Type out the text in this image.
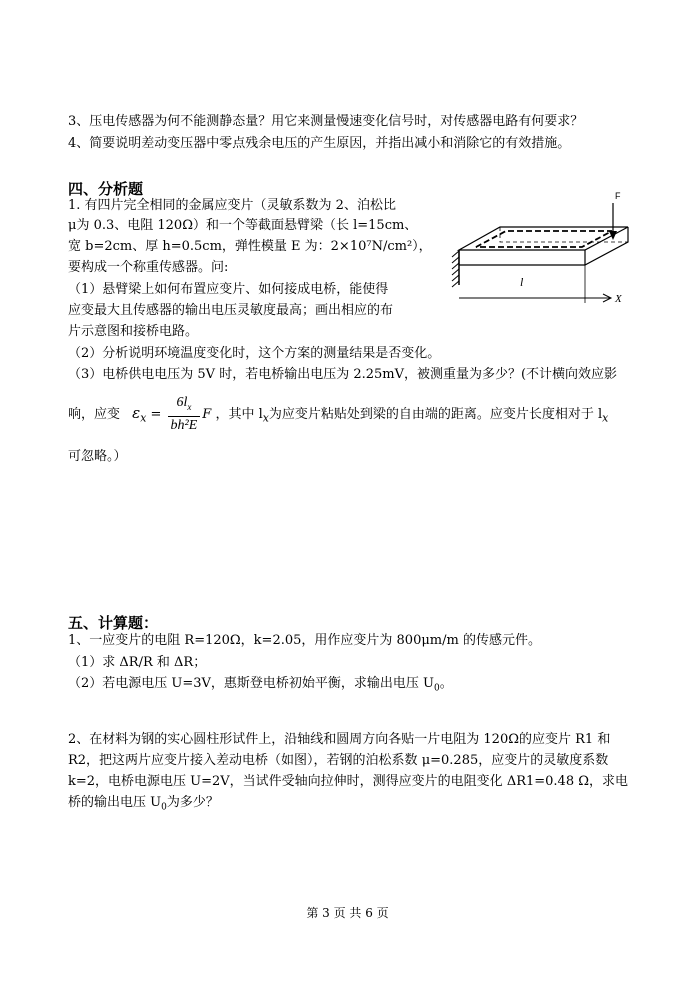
3、压电传感器为何不能测静态量？用它来测量慢速变化信号时，对传感器电路有何要求？
4、简要说明差动变压器中零点残余电压的产生原因，并指出减小和消除它的有效措施。
四、分析题
1. 有四片完全相同的金属应变片（灵敏系数为 2、泊松比
μ为 0.3、电阻 120Ω）和一个等截面悬臂梁（长 l=15cm、
宽 b=2cm、厚 h=0.5cm，弹性模量 E 为：2×10⁷N/cm²），
要构成一个称重传感器。问:
（1）悬臂梁上如何布置应变片、如何接成电桥，能使得
应变最大且传感器的输出电压灵敏度最高；画出相应的布
片示意图和接桥电路。
（2）分析说明环境温度变化时，这个方案的测量结果是否变化。
（3）电桥供电电压为 5V 时，若电桥输出电压为 2.25mV，被测重量为多少？(不计横向效应影
响，应变 $\varepsilon_x = \frac{6l_x}{\text{bh²E}}$ F ，其中 $l_x$为应变片粘贴处到梁的自由端的距离。应变片长度相对于 $l_x$
可忽略。）
F
X
l
五、计算题：
1、一应变片的电阻 R=120Ω，k=2.05，用作应变片为 800μm/m 的传感元件。
（1）求 ΔR/R 和 ΔR；
（2）若电源电压 U=3V，惠斯登电桥初始平衡，求输出电压 $U_0$。
2、在材料为钢的实心圆柱形试件上，沿轴线和圆周方向各贴一片电阻为 120Ω的应变片 R1 和
R2，把这两片应变片接入差动电桥（如图），若钢的泊松系数 μ=0.285，应变片的灵敏度系数
k=2，电桥电源电压 U=2V，当试件受轴向拉伸时，测得应变片的电阻变化 ΔR1=0.48 Ω，求电
桥的输出电压 $U_0$为多少？
第 3 页 共 6 页
